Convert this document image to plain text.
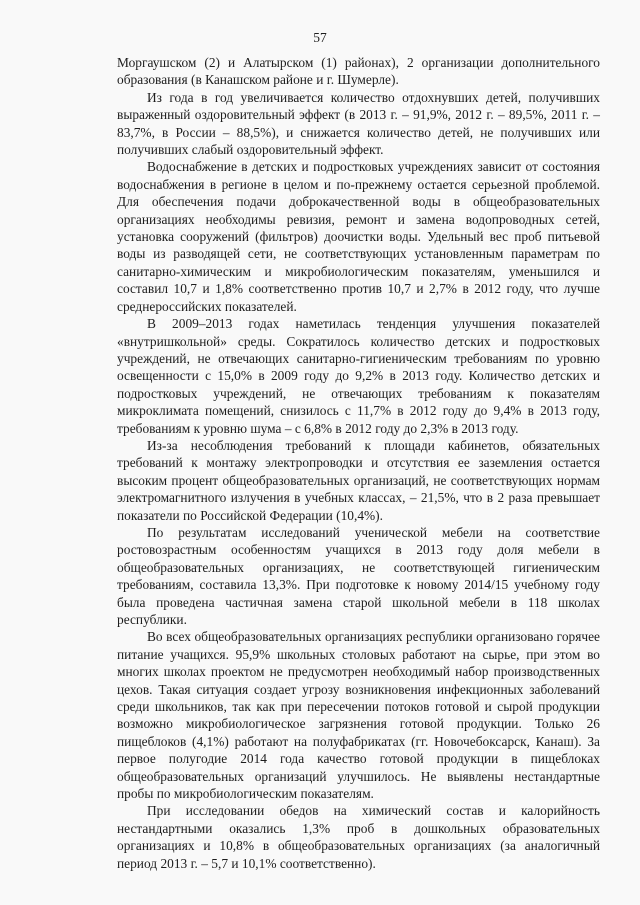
57

Моргаушском (2) и Алатырском (1) районах), 2 организации дополнительного образования (в Канашском районе и г. Шумерле).

Из года в год увеличивается количество отдохнувших детей, получивших выраженный оздоровительный эффект (в 2013 г. – 91,9%, 2012 г. – 89,5%, 2011 г. – 83,7%, в России – 88,5%), и снижается количество детей, не получивших или получивших слабый оздоровительный эффект.

Водоснабжение в детских и подростковых учреждениях зависит от состояния водоснабжения в регионе в целом и по-прежнему остается серьезной проблемой. Для обеспечения подачи доброкачественной воды в общеобразовательных организациях необходимы ревизия, ремонт и замена водопроводных сетей, установка сооружений (фильтров) доочистки воды. Удельный вес проб питьевой воды из разводящей сети, не соответствующих установленным параметрам по санитарно-химическим и микробиологическим показателям, уменьшился и составил 10,7 и 1,8% соответственно против 10,7 и 2,7% в 2012 году, что лучше среднероссийских показателей.

В 2009–2013 годах наметилась тенденция улучшения показателей «внутришкольной» среды. Сократилось количество детских и подростковых учреждений, не отвечающих санитарно-гигиеническим требованиям по уровню освещенности с 15,0% в 2009 году до 9,2% в 2013 году. Количество детских и подростковых учреждений, не отвечающих требованиям к показателям микроклимата помещений, снизилось с 11,7% в 2012 году до 9,4% в 2013 году, требованиям к уровню шума – с 6,8% в 2012 году до 2,3% в 2013 году.

Из-за несоблюдения требований к площади кабинетов, обязательных требований к монтажу электропроводки и отсутствия ее заземления остается высоким процент общеобразовательных организаций, не соответствующих нормам электромагнитного излучения в учебных классах, – 21,5%, что в 2 раза превышает показатели по Российской Федерации (10,4%).

По результатам исследований ученической мебели на соответствие ростовозрастным особенностям учащихся в 2013 году доля мебели в общеобразовательных организациях, не соответствующей гигиеническим требованиям, составила 13,3%. При подготовке к новому 2014/15 учебному году была проведена частичная замена старой школьной мебели в 118 школах республики.

Во всех общеобразовательных организациях республики организовано горячее питание учащихся. 95,9% школьных столовых работают на сырье, при этом во многих школах проектом не предусмотрен необходимый набор производственных цехов. Такая ситуация создает угрозу возникновения инфекционных заболеваний среди школьников, так как при пересечении потоков готовой и сырой продукции возможно микробиологическое загрязнения готовой продукции. Только 26 пищеблоков (4,1%) работают на полуфабрикатах (гг. Новочебоксарск, Канаш). За первое полугодие 2014 года качество готовой продукции в пищеблоках общеобразовательных организаций улучшилось. Не выявлены нестандартные пробы по микробиологическим показателям.

При исследовании обедов на химический состав и калорийность нестандартными оказались 1,3% проб в дошкольных образовательных организациях и 10,8% в общеобразовательных организациях (за аналогичный период 2013 г. – 5,7 и 10,1% соответственно).
